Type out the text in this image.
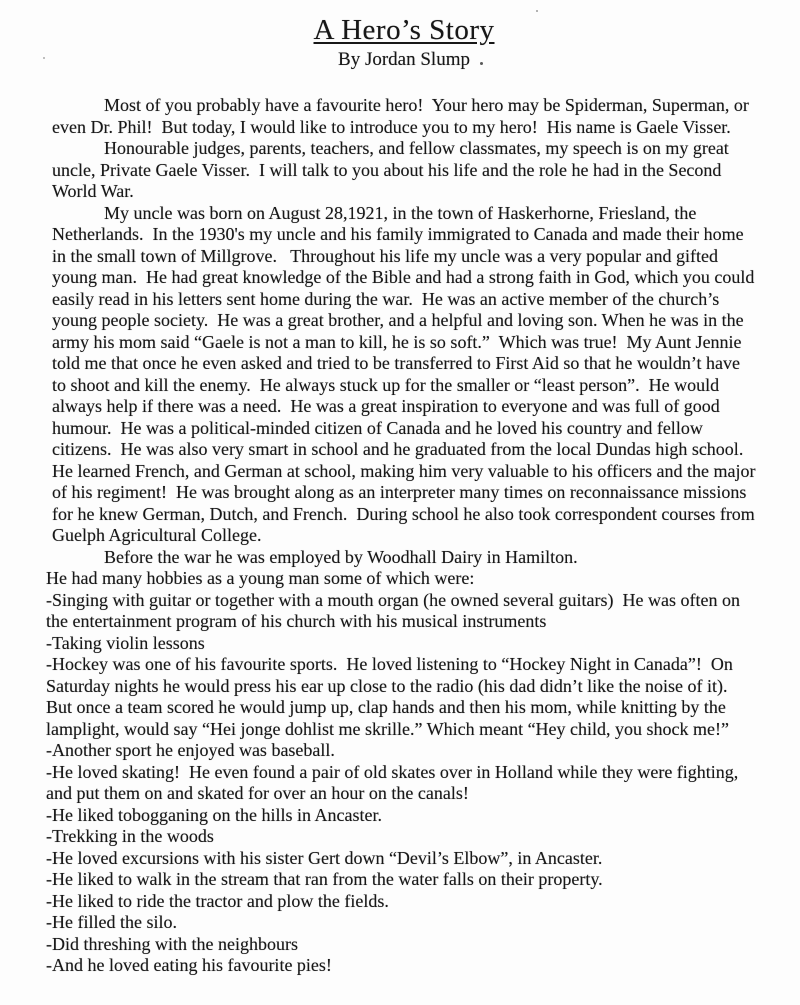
A Hero’s Story
By Jordan Slump

Most of you probably have a favourite hero!  Your hero may be Spiderman, Superman, or even Dr. Phil!  But today, I would like to introduce you to my hero!  His name is Gaele Visser.

Honourable judges, parents, teachers, and fellow classmates, my speech is on my great uncle, Private Gaele Visser.  I will talk to you about his life and the role he had in the Second World War.

My uncle was born on August 28,1921, in the town of Haskerhorne, Friesland, the Netherlands.  In the 1930's my uncle and his family immigrated to Canada and made their home in the small town of Millgrove.   Throughout his life my uncle was a very popular and gifted young man.  He had great knowledge of the Bible and had a strong faith in God, which you could easily read in his letters sent home during the war.  He was an active member of the church’s young people society.  He was a great brother, and a helpful and loving son. When he was in the army his mom said “Gaele is not a man to kill, he is so soft.”  Which was true!  My Aunt Jennie told me that once he even asked and tried to be transferred to First Aid so that he wouldn’t have to shoot and kill the enemy.  He always stuck up for the smaller or “least person”.  He would always help if there was a need.  He was a great inspiration to everyone and was full of good humour.  He was a political-minded citizen of Canada and he loved his country and fellow citizens.  He was also very smart in school and he graduated from the local Dundas high school. He learned French, and German at school, making him very valuable to his officers and the major of his regiment!  He was brought along as an interpreter many times on reconnaissance missions for he knew German, Dutch, and French.  During school he also took correspondent courses from Guelph Agricultural College.

Before the war he was employed by Woodhall Dairy in Hamilton.

He had many hobbies as a young man some of which were:

-Singing with guitar or together with a mouth organ (he owned several guitars)  He was often on the entertainment program of his church with his musical instruments

-Taking violin lessons

-Hockey was one of his favourite sports.  He loved listening to “Hockey Night in Canada”!  On Saturday nights he would press his ear up close to the radio (his dad didn’t like the noise of it). But once a team scored he would jump up, clap hands and then his mom, while knitting by the lamplight, would say “Hei jonge dohlist me skrille.” Which meant “Hey child, you shock me!”

-Another sport he enjoyed was baseball.

-He loved skating!  He even found a pair of old skates over in Holland while they were fighting, and put them on and skated for over an hour on the canals!

-He liked tobogganing on the hills in Ancaster.

-Trekking in the woods

-He loved excursions with his sister Gert down “Devil’s Elbow”, in Ancaster.

-He liked to walk in the stream that ran from the water falls on their property.

-He liked to ride the tractor and plow the fields.

-He filled the silo.

-Did threshing with the neighbours

-And he loved eating his favourite pies!
